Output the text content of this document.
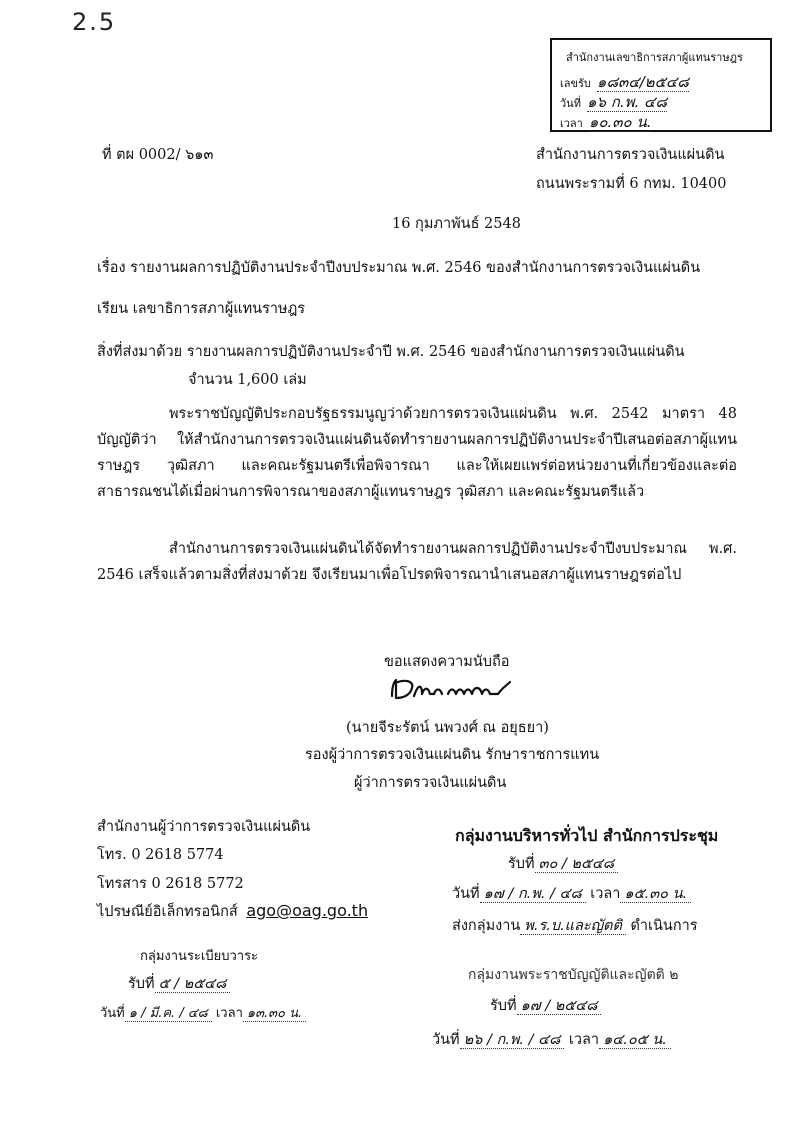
2.5
สำนักงานเลขาธิการสภาผู้แทนราษฎร
เลขรับ ๑๘๓๔/๒๕๔๘
วันที่ ๑๖ ก.พ. ๔๘
เวลา ๑๐.๓๐ น.
ที่ ตผ 0002/ ๖๑๓	สำนักงานการตรวจเงินแผ่นดิน
ถนนพระรามที่ 6 กทม. 10400
16 กุมภาพันธ์ 2548
เรื่อง รายงานผลการปฏิบัติงานประจำปีงบประมาณ พ.ศ. 2546 ของสำนักงานการตรวจเงินแผ่นดิน
เรียน เลขาธิการสภาผู้แทนราษฎร
สิ่งที่ส่งมาด้วย รายงานผลการปฏิบัติงานประจำปี พ.ศ. 2546 ของสำนักงานการตรวจเงินแผ่นดิน
จำนวน 1,600 เล่ม
พระราชบัญญัติประกอบรัฐธรรมนูญว่าด้วยการตรวจเงินแผ่นดิน พ.ศ. 2542 มาตรา 48 บัญญัติว่า ให้สำนักงานการตรวจเงินแผ่นดินจัดทำรายงานผลการปฏิบัติงานประจำปีเสนอต่อสภาผู้แทนราษฎร วุฒิสภา และคณะรัฐมนตรีเพื่อพิจารณา และให้เผยแพร่ต่อหน่วยงานที่เกี่ยวข้องและต่อสาธารณชนได้เมื่อผ่านการพิจารณาของสภาผู้แทนราษฎร วุฒิสภา และคณะรัฐมนตรีแล้ว
สำนักงานการตรวจเงินแผ่นดินได้จัดทำรายงานผลการปฏิบัติงานประจำปีงบประมาณ พ.ศ. 2546 เสร็จแล้วตามสิ่งที่ส่งมาด้วย จึงเรียนมาเพื่อโปรดพิจารณานำเสนอสภาผู้แทนราษฎรต่อไป
ขอแสดงความนับถือ
(นายจีระรัตน์ นพวงศ์ ณ อยุธยา)
รองผู้ว่าการตรวจเงินแผ่นดิน รักษาราชการแทน
ผู้ว่าการตรวจเงินแผ่นดิน
สำนักงานผู้ว่าการตรวจเงินแผ่นดิน
โทร. 0 2618 5774
โทรสาร 0 2618 5772
ไปรษณีย์อิเล็กทรอนิกส์ ago@oag.go.th
กลุ่มงานบริหารทั่วไป สำนักการประชุม
รับที่ ๓๐ / ๒๕๔๘
วันที่ ๑๗ / ก.พ. / ๔๘ เวลา ๑๕.๓๐ น.
ส่งกลุ่มงาน พ.ร.บ.และญัตติ ดำเนินการ
กลุ่มงานระเบียบวาระ
รับที่ ๕ / ๒๕๔๘
วันที่ ๑ / มี.ค. / ๔๘ เวลา ๑๓.๓๐ น.
กลุ่มงานพระราชบัญญัติและญัตติ ๒
รับที่ ๑๗ / ๒๕๔๘
วันที่ ๒๖ / ก.พ. / ๔๘ เวลา ๑๔.๐๕ น.
